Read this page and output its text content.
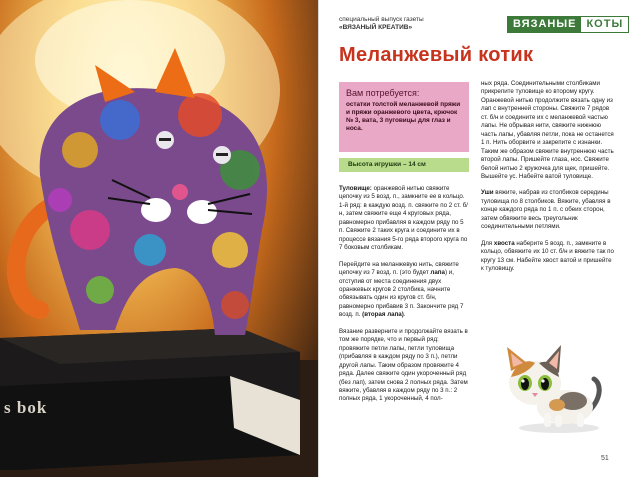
s bok
специальный выпуск газеты
«ВЯЗАНЫЙ КРЕАТИВ»	ВЯЗАНЫЕ КОТЫ
Меланжевый котик
Вам потребуется:
остатки толстой меланжевой пряжи и пряжи оранжевого цвета, крючок № 3, вата, 3 пуговицы для глаз и носа.
Высота игрушки – 14 см

Туловище: оранжевой нитью свяжите цепочку из 5 возд. п., замкните ее в кольцо. 1-й ряд: в каждую возд. п. свяжите по 2 ст. б/н, затем свяжите еще 4 круговых ряда, равномерно прибавляя в каждом ряду по 5 п. Свяжите 2 таких круга и соедините их в процессе вязания 5-го ряда второго круга по 7 боковым столбикам.

Перейдите на меланжевую нить, свяжите цепочку из 7 возд. п. (это будет лапа) и, отступив от места соединения двух оранжевых кругов 2 столбика, начните обвязывать один из кругов ст. б/н, равномерно прибавив 3 п. Закончите ряд 7 возд. п. (вторая лапа).

Вязание разверните и продолжайте вязать в том же порядке, что и первый ряд: провяжите петли лапы, петли туловища (прибавляя в каждом ряду по 3 п.), петли другой лапы. Таким образом провяжите 4 ряда. Далее свяжите один укороченный ряд (без лап), затем снова 2 полных ряда. Затем вяжите, убавляя в каждом ряду по 3 п.: 2 полных ряда, 1 укороченный, 4 пол-

ных ряда. Соединительными столбиками прикрепите туловище ко второму кругу. Оранжевой нитью продолжите вязать одну из лап с внутренней стороны. Свяжите 7 рядов ст. б/н и соедините их с меланжевой частью лапы. Не обрывая нити, свяжите нижнюю часть лапы, убавляя петли, пока не останется 1 п. Нить оборвите и закрепите с изнанки. Таким же образом свяжите внутреннюю часть второй лапы. Пришейте глаза, нос. Свяжите белой нитью 2 кружочка для щек, пришейте. Вышейте ус. Набейте ватой туловище.

Уши вяжите, набрав из столбиков середины туловища по 8 столбиков. Вяжите, убавляя в конце каждого ряда по 1 п. с обеих сторон, затем обвяжите весь треугольник соединительными петлями.

Для хвоста наберите 5 возд. п., замкните в кольцо, обвяжите их 10 ст. б/н и вяжите так по кругу 13 см. Набейте хвост ватой и пришейте к туловищу.

51
